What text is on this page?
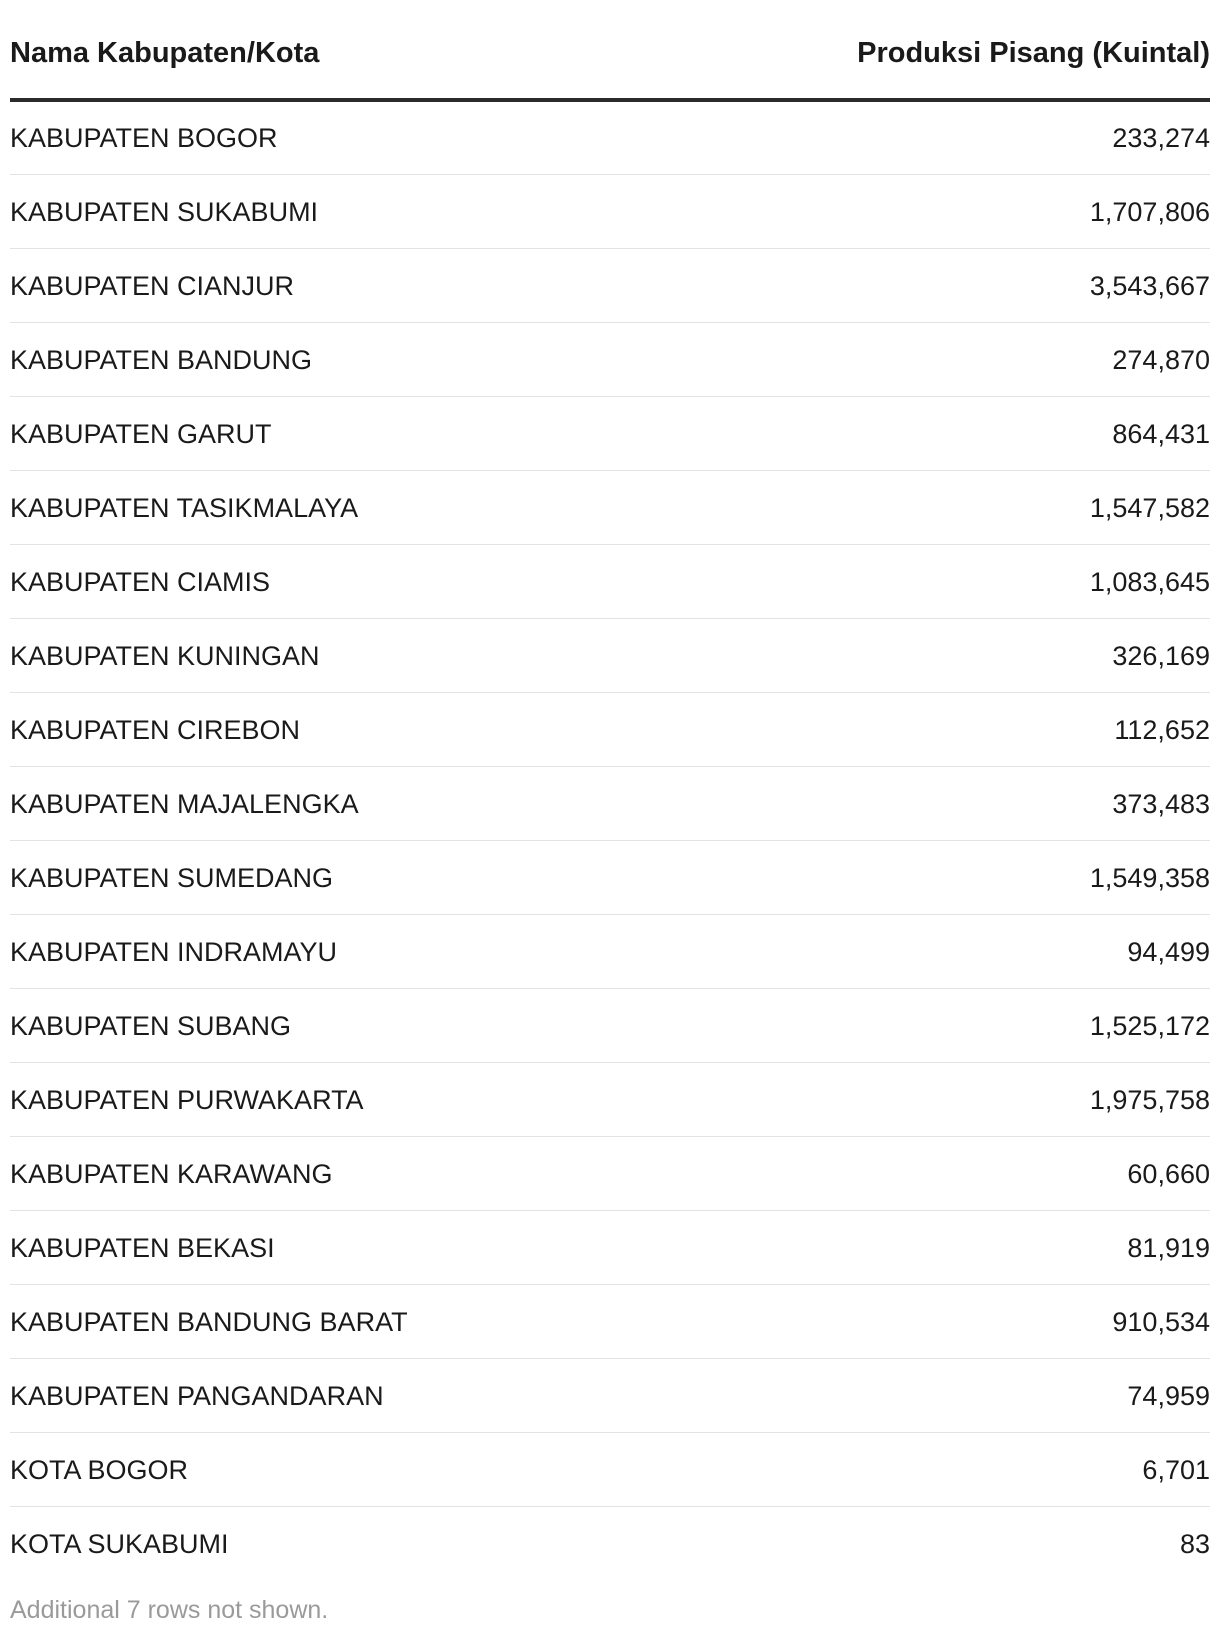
Nama Kabupaten/Kota	Produksi Pisang (Kuintal)
KABUPATEN BOGOR	233,274
KABUPATEN SUKABUMI	1,707,806
KABUPATEN CIANJUR	3,543,667
KABUPATEN BANDUNG	274,870
KABUPATEN GARUT	864,431
KABUPATEN TASIKMALAYA	1,547,582
KABUPATEN CIAMIS	1,083,645
KABUPATEN KUNINGAN	326,169
KABUPATEN CIREBON	112,652
KABUPATEN MAJALENGKA	373,483
KABUPATEN SUMEDANG	1,549,358
KABUPATEN INDRAMAYU	94,499
KABUPATEN SUBANG	1,525,172
KABUPATEN PURWAKARTA	1,975,758
KABUPATEN KARAWANG	60,660
KABUPATEN BEKASI	81,919
KABUPATEN BANDUNG BARAT	910,534
KABUPATEN PANGANDARAN	74,959
KOTA BOGOR	6,701
KOTA SUKABUMI	83
Additional 7 rows not shown.
